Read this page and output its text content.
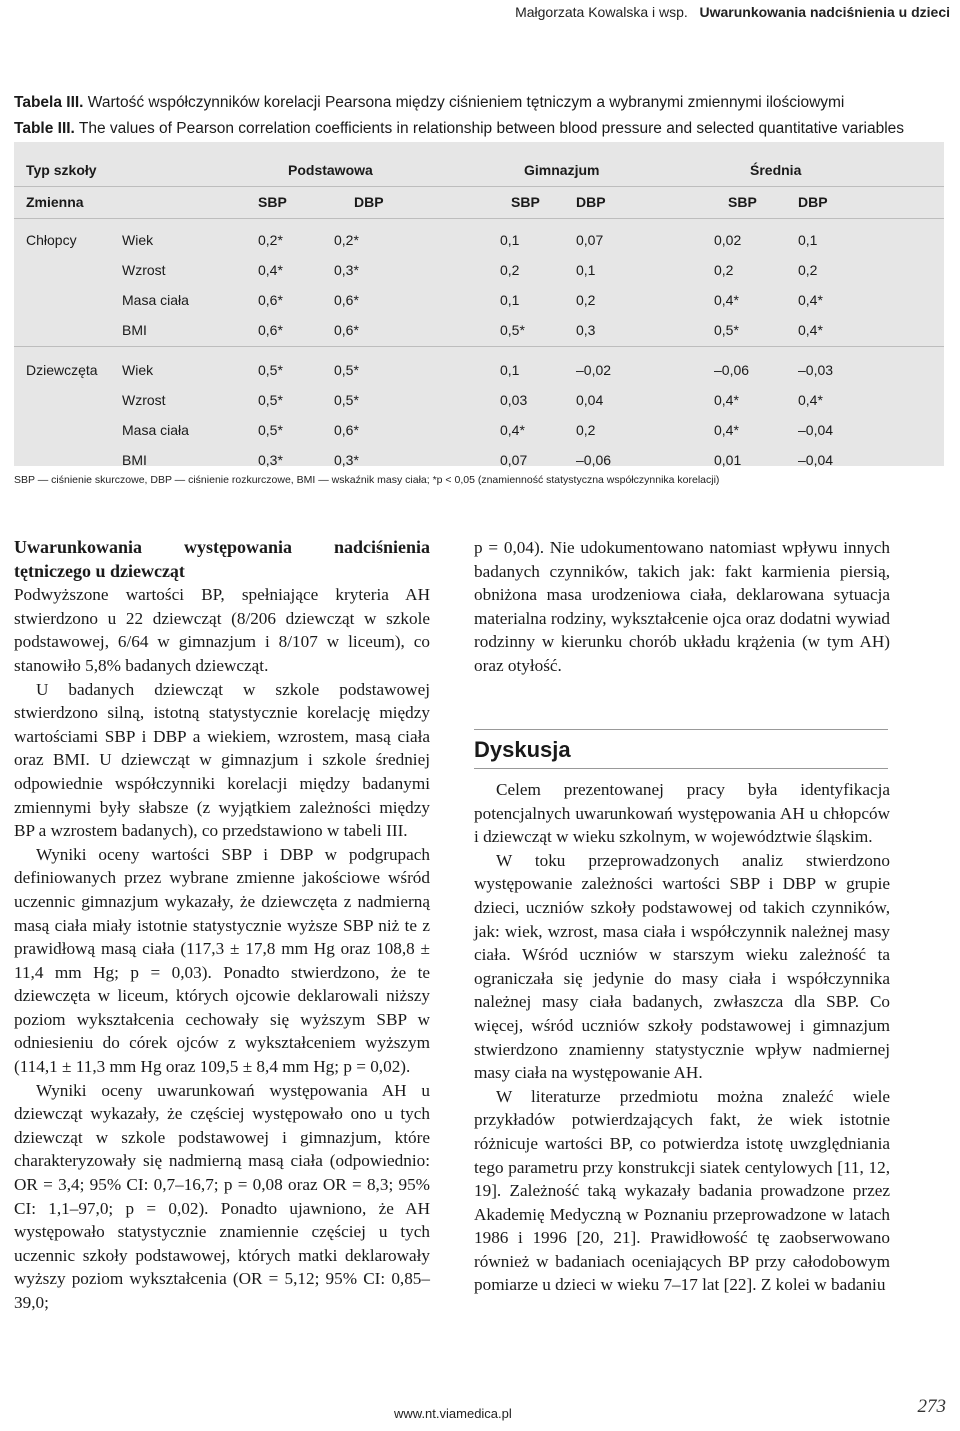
Małgorzata Kowalska i wsp. Uwarunkowania nadciśnienia u dzieci
Tabela III. Wartość współczynników korelacji Pearsona między ciśnieniem tętniczym a wybranymi zmiennymi ilościowymi
Table III. The values of Pearson correlation coefficients in relationship between blood pressure and selected quantitative variables
Typ szkoły	Podstawowa	Gimnazjum	Średnia
Zmienna	SBP	DBP	SBP	DBP	SBP	DBP
Chłopcy	Wiek	0,2*	0,2*	0,1	0,07	0,02	0,1
Wzrost	0,4*	0,3*	0,2	0,1	0,2	0,2
Masa ciała	0,6*	0,6*	0,1	0,2	0,4*	0,4*
BMI	0,6*	0,6*	0,5*	0,3	0,5*	0,4*
Dziewczęta Wiek	0,5*	0,5*	0,1	–0,02	–0,06	–0,03
Wzrost	0,5*	0,5*	0,03	0,04	0,4*	0,4*
Masa ciała	0,5*	0,6*	0,4*	0,2	0,4*	–0,04
BMI	0,3*	0,3*	0,07	–0,06	0,01	–0,04
SBP — ciśnienie skurczowe, DBP — ciśnienie rozkurczowe, BMI — wskaźnik masy ciała; *p < 0,05 (znamienność statystyczna współczynnika korelacji)
Uwarunkowania występowania nadciśnienia tętniczego u dziewcząt

Podwyższone wartości BP, spełniające kryteria AH stwierdzono u 22 dziewcząt (8/206 dziewcząt w szkole podstawowej, 6/64 w gimnazjum i 8/107 w liceum), co stanowiło 5,8% badanych dziewcząt.

U badanych dziewcząt w szkole podstawowej stwierdzono silną, istotną statystycznie korelację między wartościami SBP i DBP a wiekiem, wzrostem, masą ciała oraz BMI. U dziewcząt w gimnazjum i szkole średniej odpowiednie współczynniki korelacji między badanymi zmiennymi były słabsze (z wyjątkiem zależności między BP a wzrostem badanych), co przedstawiono w tabeli III.

Wyniki oceny wartości SBP i DBP w podgrupach definiowanych przez wybrane zmienne jakościowe wśród uczennic gimnazjum wykazały, że dziewczęta z nadmierną masą ciała miały istotnie statystycznie wyższe SBP niż te z prawidłową masą ciała (117,3 ± 17,8 mm Hg oraz 108,8 ± 11,4 mm Hg; p = 0,03). Ponadto stwierdzono, że te dziewczęta w liceum, których ojcowie deklarowali niższy poziom wykształcenia cechowały się wyższym SBP w odniesieniu do córek ojców z wykształceniem wyższym (114,1 ± 11,3 mm Hg oraz 109,5 ± 8,4 mm Hg; p = 0,02).

Wyniki oceny uwarunkowań występowania AH u dziewcząt wykazały, że częściej występowało ono u tych dziewcząt w szkole podstawowej i gimnazjum, które charakteryzowały się nadmierną masą ciała (odpowiednio: OR = 3,4; 95% CI: 0,7–16,7; p = 0,08 oraz OR = 8,3; 95% CI: 1,1–97,0; p = 0,02). Ponadto ujawniono, że AH występowało statystycznie znamiennie częściej u tych uczennic szkoły podstawowej, których matki deklarowały wyższy poziom wykształcenia (OR = 5,12; 95% CI: 0,85–39,0;

p = 0,04). Nie udokumentowano natomiast wpływu innych badanych czynników, takich jak: fakt karmienia piersią, obniżona masa urodzeniowa ciała, deklarowana sytuacja materialna rodziny, wykształcenie ojca oraz dodatni wywiad rodzinny w kierunku chorób układu krążenia (w tym AH) oraz otyłość.

Dyskusja

Celem prezentowanej pracy była identyfikacja potencjalnych uwarunkowań występowania AH u chłopców i dziewcząt w wieku szkolnym, w województwie śląskim.

W toku przeprowadzonych analiz stwierdzono występowanie zależności wartości SBP i DBP w grupie dzieci, uczniów szkoły podstawowej od takich czynników, jak: wiek, wzrost, masa ciała i współczynnik należnej masy ciała. Wśród uczniów w starszym wieku zależność ta ograniczała się jedynie do masy ciała i współczynnika należnej masy ciała badanych, zwłaszcza dla SBP. Co więcej, wśród uczniów szkoły podstawowej i gimnazjum stwierdzono znamienny statystycznie wpływ nadmiernej masy ciała na występowanie AH.

W literaturze przedmiotu można znaleźć wiele przykładów potwierdzających fakt, że wiek istotnie różnicuje wartości BP, co potwierdza istotę uwzględniania tego parametru przy konstrukcji siatek centylowych [11, 12, 19]. Zależność taką wykazały badania prowadzone przez Akademię Medyczną w Poznaniu przeprowadzone w latach 1986 i 1996 [20, 21]. Prawidłowość tę zaobserwowano również w badaniach oceniających BP przy całodobowym pomiarze u dzieci w wieku 7–17 lat [22]. Z kolei w badaniu

www.nt.viamedica.pl	273
